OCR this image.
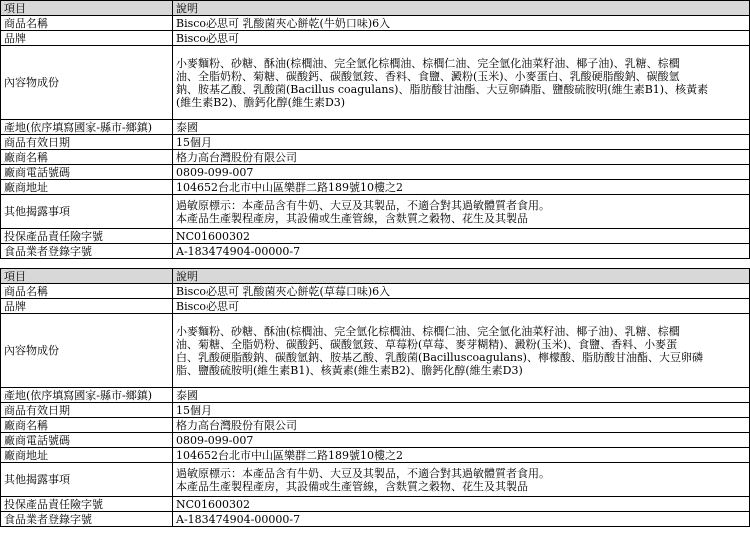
項目	說明
商品名稱	Bisco必思可 乳酸菌夾心餅乾(牛奶口味)6入
品牌	Bisco必思可
內容物成份	小麥麵粉、砂糖、酥油(棕櫚油、完全氫化棕櫚油、棕櫚仁油、完全氫化油菜籽油、椰子油)、乳糖、棕櫚
油、全脂奶粉、菊糖、碳酸鈣、碳酸氫銨、香料、食鹽、澱粉(玉米)、小麥蛋白、乳酸硬脂酸鈉、碳酸氫
鈉、胺基乙酸、乳酸菌(Bacillus coagulans)、脂肪酸甘油酯、大豆卵磷脂、鹽酸硫胺明(維生素B1)、核黃素
(維生素B2)、膽鈣化醇(維生素D3)

產地(依序填寫國家-縣市-鄉鎮)	泰國
商品有效日期	15個月
廠商名稱	格力高台灣股份有限公司
廠商電話號碼	0809-099-007
廠商地址	104652台北市中山區樂群二路189號10樓之2
其他揭露事項	過敏原標示：本產品含有牛奶、大豆及其製品，不適合對其過敏體質者食用。
本產品生產製程產房，其設備或生產管線，含麩質之穀物、花生及其製品

投保產品責任險字號	NC01600302
食品業者登錄字號	A-183474904-00000-7
項目	說明
商品名稱	Bisco必思可 乳酸菌夾心餅乾(草莓口味)6入
品牌	Bisco必思可
內容物成份	小麥麵粉、砂糖、酥油(棕櫚油、完全氫化棕櫚油、棕櫚仁油、完全氫化油菜籽油、椰子油)、乳糖、棕櫚
油、菊糖、全脂奶粉、碳酸鈣、碳酸氫銨、草莓粉(草莓、麥芽糊精)、澱粉(玉米)、食鹽、香料、小麥蛋
白、乳酸硬脂酸鈉、碳酸氫鈉、胺基乙酸、乳酸菌(Bacilluscoagulans)、檸檬酸、脂肪酸甘油酯、大豆卵磷
脂、鹽酸硫胺明(維生素B1)、核黃素(維生素B2)、膽鈣化醇(維生素D3)

產地(依序填寫國家-縣市-鄉鎮)	泰國
商品有效日期	15個月
廠商名稱	格力高台灣股份有限公司
廠商電話號碼	0809-099-007
廠商地址	104652台北市中山區樂群二路189號10樓之2
其他揭露事項	過敏原標示：本產品含有牛奶、大豆及其製品，不適合對其過敏體質者食用。
本產品生產製程產房，其設備或生產管線，含麩質之穀物、花生及其製品

投保產品責任險字號	NC01600302
食品業者登錄字號	A-183474904-00000-7
